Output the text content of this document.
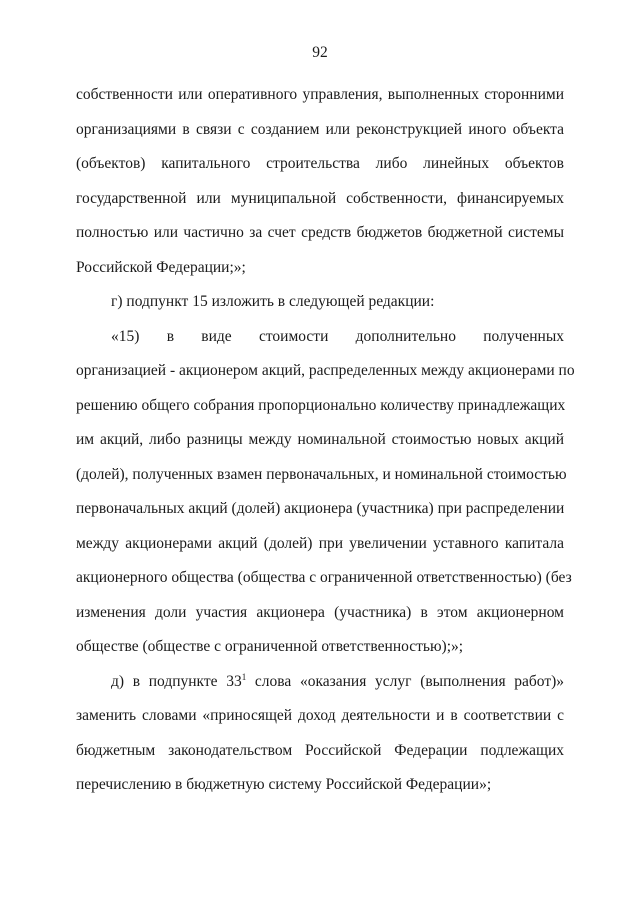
92
собственности или оперативного управления, выполненных сторонними
организациями в связи с созданием или реконструкцией иного объекта
(объектов) капитального строительства либо линейных объектов
государственной или муниципальной собственности, финансируемых
полностью или частично за счет средств бюджетов бюджетной системы
Российской Федерации;»;
г) подпункт 15 изложить в следующей редакции:
«15) в виде стоимости дополнительно полученных
организацией - акционером акций, распределенных между акционерами по
решению общего собрания пропорционально количеству принадлежащих
им акций, либо разницы между номинальной стоимостью новых акций
(долей), полученных взамен первоначальных, и номинальной стоимостью
первоначальных акций (долей) акционера (участника) при распределении
между акционерами акций (долей) при увеличении уставного капитала
акционерного общества (общества с ограниченной ответственностью) (без
изменения доли участия акционера (участника) в этом акционерном
обществе (обществе с ограниченной ответственностью);»;
д) в подпункте $33^1$ слова «оказания услуг (выполнения работ)»
заменить словами «приносящей доход деятельности и в соответствии с
бюджетным законодательством Российской Федерации подлежащих
перечислению в бюджетную систему Российской Федерации»;
